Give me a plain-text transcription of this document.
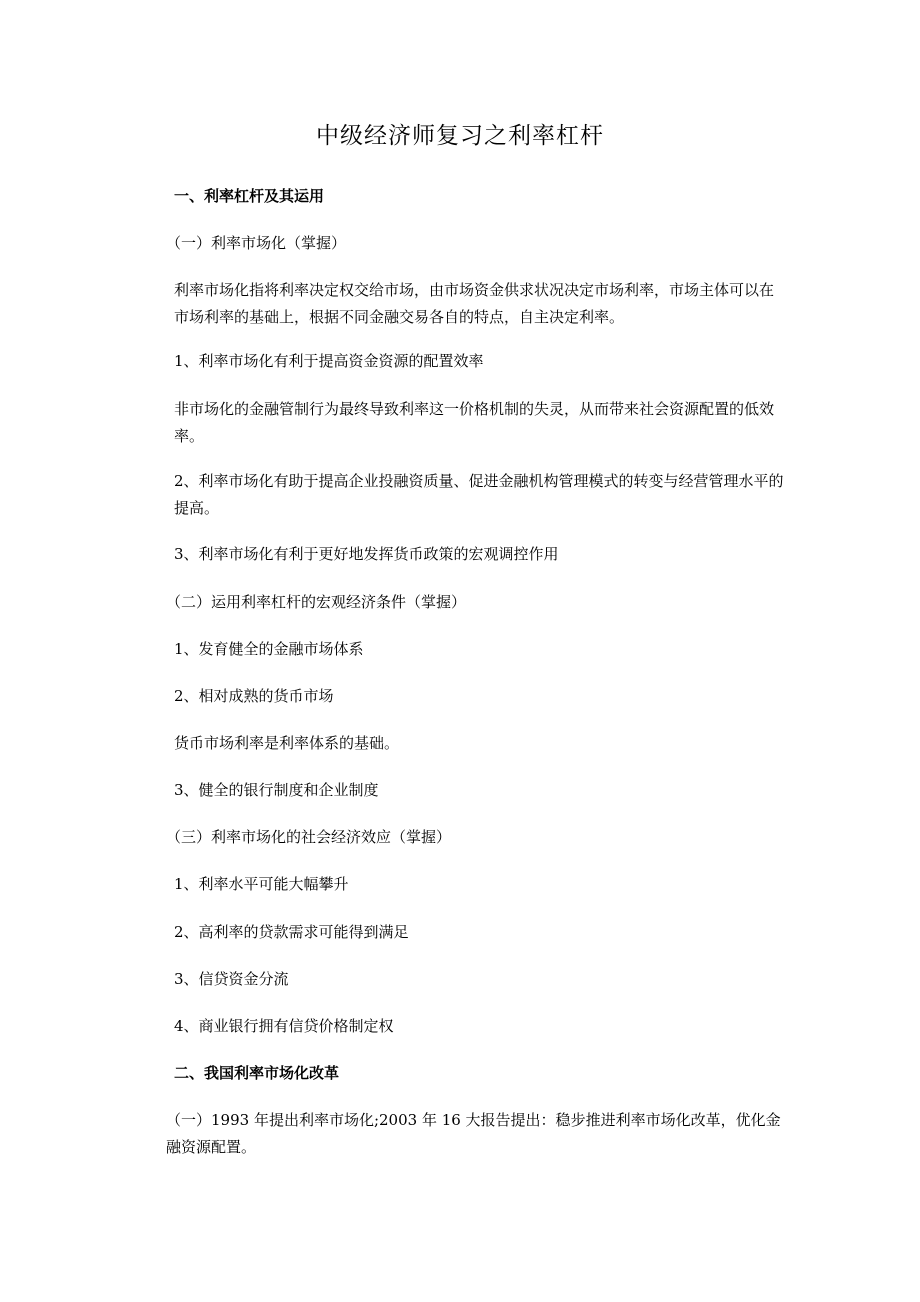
中级经济师复习之利率杠杆

一、利率杠杆及其运用

（一）利率市场化（掌握）

利率市场化指将利率决定权交给市场，由市场资金供求状况决定市场利率，市场主体可以在市场利率的基础上，根据不同金融交易各自的特点，自主决定利率。

1、利率市场化有利于提高资金资源的配置效率

非市场化的金融管制行为最终导致利率这一价格机制的失灵，从而带来社会资源配置的低效率。

2、利率市场化有助于提高企业投融资质量、促进金融机构管理模式的转变与经营管理水平的提高。

3、利率市场化有利于更好地发挥货币政策的宏观调控作用

（二）运用利率杠杆的宏观经济条件（掌握）

1、发育健全的金融市场体系

2、相对成熟的货币市场

货币市场利率是利率体系的基础。

3、健全的银行制度和企业制度

（三）利率市场化的社会经济效应（掌握）

1、利率水平可能大幅攀升

2、高利率的贷款需求可能得到满足

3、信贷资金分流

4、商业银行拥有信贷价格制定权

二、我国利率市场化改革

（一）1993 年提出利率市场化;2003 年 16 大报告提出：稳步推进利率市场化改革，优化金融资源配置。
